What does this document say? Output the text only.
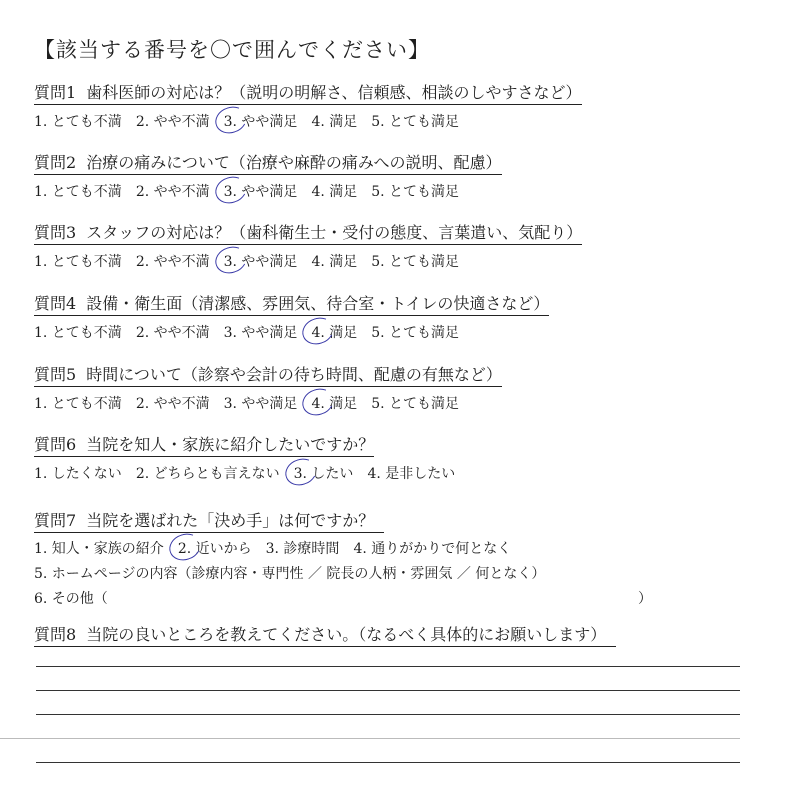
【該当する番号を〇で囲んでください】
質問1 歯科医師の対応は？（説明の明解さ、信頼感、相談のしやすさなど）
1. とても不満 2. やや不満 3. やや満足 4. 満足 5. とても満足
質問2 治療の痛みについて（治療や麻酔の痛みへの説明、配慮）
1. とても不満 2. やや不満 3. やや満足 4. 満足 5. とても満足
質問3 スタッフの対応は？（歯科衛生士・受付の態度、言葉遣い、気配り）
1. とても不満 2. やや不満 3. やや満足 4. 満足 5. とても満足
質問4 設備・衛生面（清潔感、雰囲気、待合室・トイレの快適さなど）
1. とても不満 2. やや不満 3. やや満足 4. 満足 5. とても満足
質問5 時間について（診察や会計の待ち時間、配慮の有無など）
1. とても不満 2. やや不満 3. やや満足 4. 満足 5. とても満足
質問6 当院を知人・家族に紹介したいですか？
1. したくない 2. どちらとも言えない 3. したい 4. 是非したい
質問7 当院を選ばれた「決め手」は何ですか？
1. 知人・家族の紹介 2. 近いから 3. 診療時間 4. 通りがかりで何となく
5. ホームページの内容（診療内容・専門性 ／ 院長の人柄・雰囲気 ／ 何となく）
6. その他（	）
質問8 当院の良いところを教えてください。（なるべく具体的にお願いします）
